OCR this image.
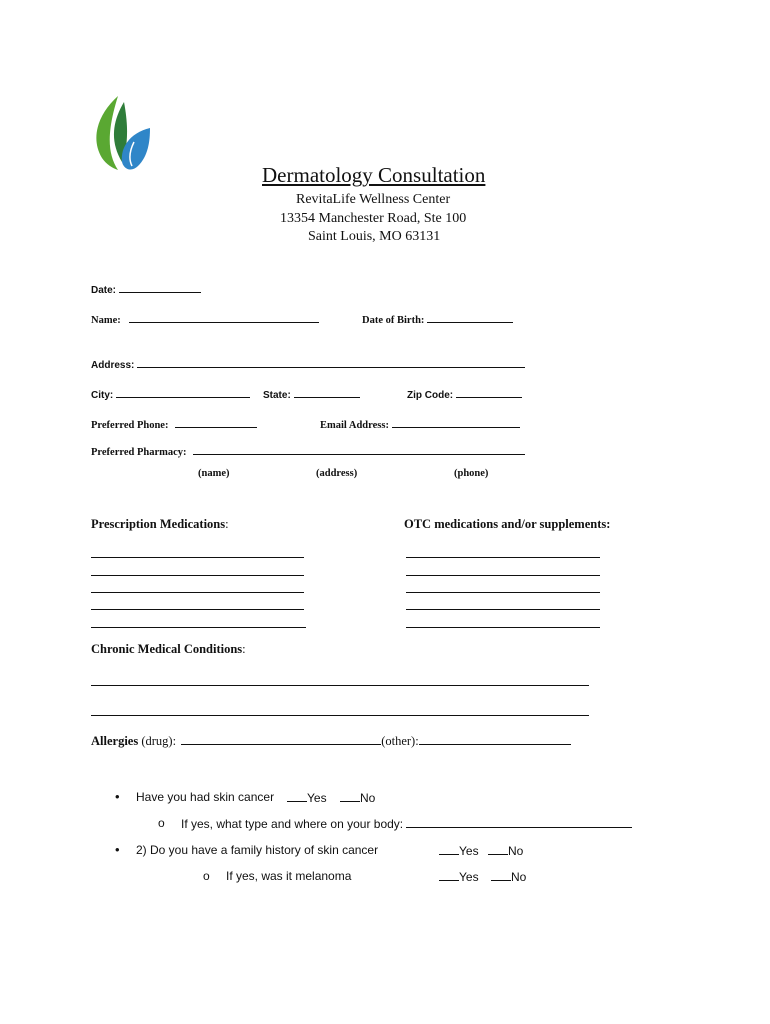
Dermatology Consultation
RevitaLife Wellness Center
13354 Manchester Road, Ste 100
Saint Louis, MO 63131
Date:
Name:	Date of Birth:
Address:
City:	State:	Zip Code:
Preferred Phone:	Email Address:
Preferred Pharmacy:
(name)	(address)	(phone)
Prescription Medications:	OTC medications and/or supplements:
Chronic Medical Conditions:
Allergies (drug):	(other):
• Have you had skin cancer	Yes	No
o If yes, what type and where on your body:
• 2) Do you have a family history of skin cancer	Yes	No
o If yes, was it melanoma	Yes	No
